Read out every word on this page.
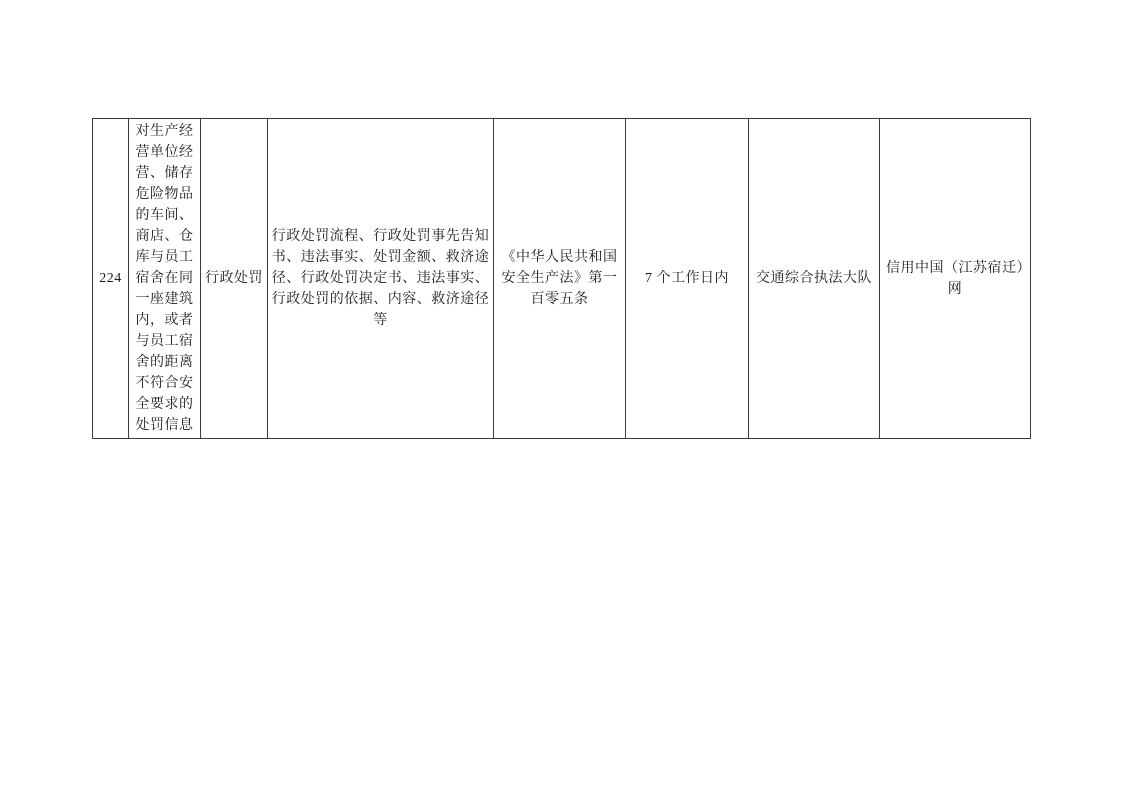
224	对生产经营单位经营、储存危险物品的车间、商店、仓库与员工宿舍在同一座建筑内，或者与员工宿舍的距离不符合安全要求的处罚信息	行政处罚	行政处罚流程、行政处罚事先告知书、违法事实、处罚金额、救济途径、行政处罚决定书、违法事实、行政处罚的依据、内容、救济途径等	《中华人民共和国安全生产法》第一百零五条	7 个工作日内	交通综合执法大队	信用中国（江苏宿迁）网
